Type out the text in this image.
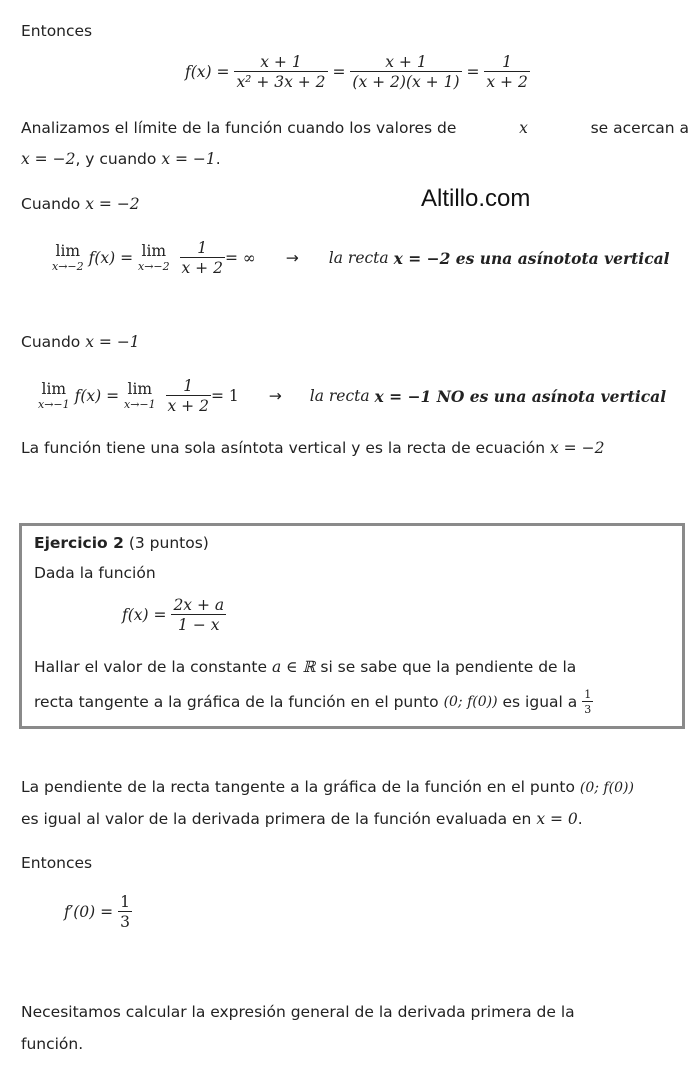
Altillo.com
Entonces
f(x) =
$\frac{x + 1}{\text{x² + 3x + 2}}$
=
$\frac{x + 1}{(x + 2)(x + 1)}$
=
$\frac{1}{x + 2}$
Analizamos el límite de la función cuando los valores de	x	se acercan a
x = −2, y cuando x = −1.
Cuando x = −2
lim
x→−2
f(x) =
lim
x→−2
$\frac{1}{x + 2}$ = ∞ → la recta
x = −2 es una asínotota vertical
Cuando x = −1
lim
x→−1
f(x) =
lim
x→−1
$\frac{1}{x + 2} = 1$ → la recta
x = −1 NO es una asínota vertical
La función tiene una sola asíntota vertical y es la recta de ecuación x = −2
Ejercicio 2 (3 puntos)
Dada la función
f(x) =
$\frac{2x + a}{1 - x}$
Hallar el valor de la constante a ∈ ℝ si se sabe que la pendiente de la
recta tangente a la gráfica de la función en el punto
(0; f(0))
es igual a
$\frac{1}{3}$
La pendiente de la recta tangente a la gráfica de la función en el punto (0; f(0))
es igual al valor de la derivada primera de la función evaluada en x = 0.
Entonces
f′(0) =
$\frac{1}{3}$
Necesitamos calcular la expresión general de la derivada primera de la
función.
